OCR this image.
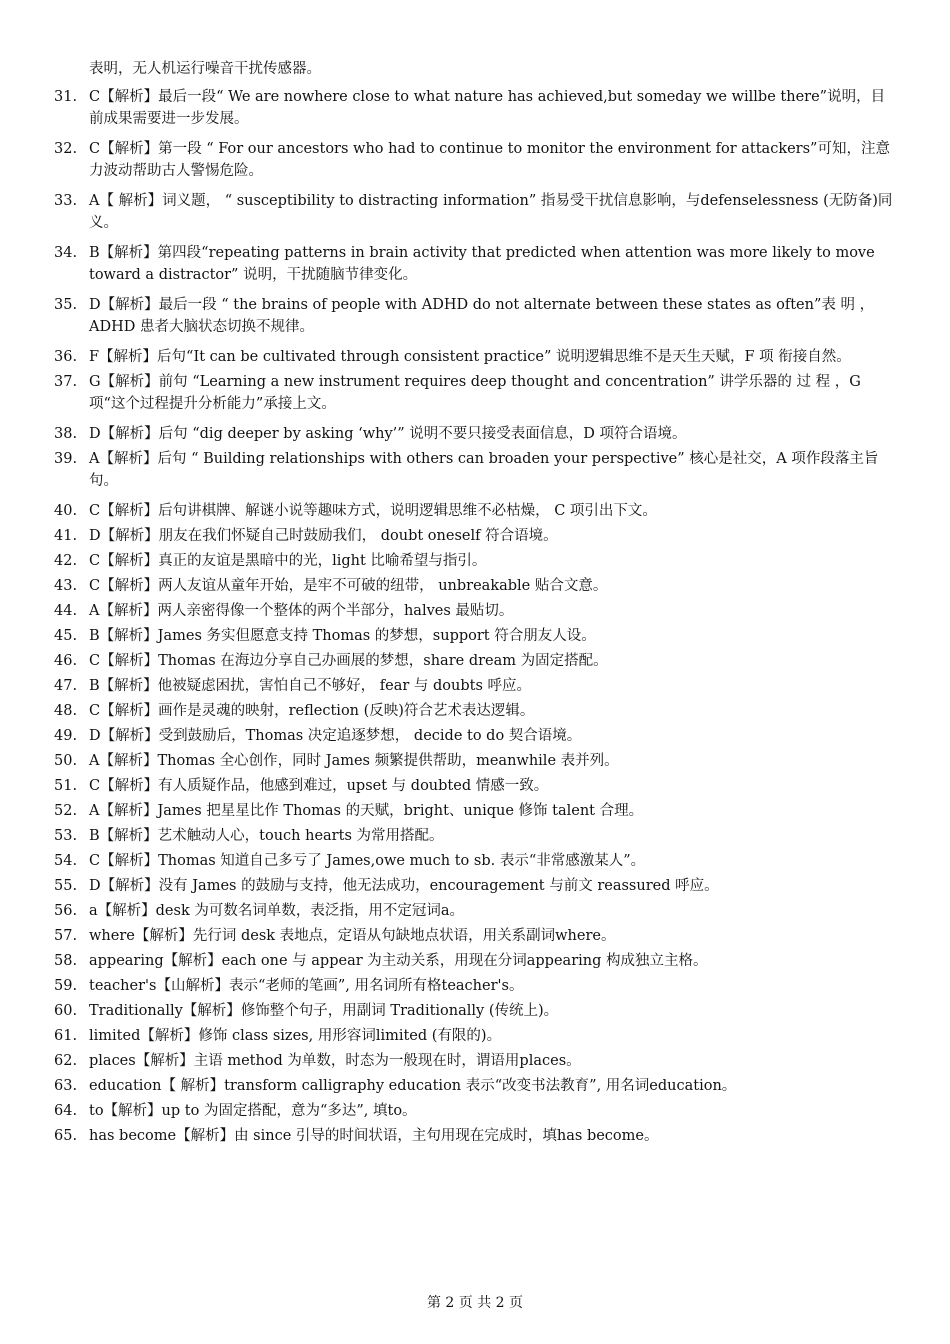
表明，无人机运行噪音干扰传感器。
31. C【解析】最后一段“ We are nowhere close to what nature has achieved,but someday we willbe there”说明，目前成果需要进一步发展。
32. C【解析】第一段 “ For our ancestors who had to continue to monitor the environment for attackers”可知，注意力波动帮助古人警惕危险。
33. A【 解析】词义题， “ susceptibility to distracting information” 指易受干扰信息影响，与defenselessness (无防备)同义。
34. B【解析】第四段“repeating patterns in brain activity that predicted when attention was more likely to move toward a distractor” 说明，干扰随脑节律变化。
35. D【解析】最后一段 “ the brains of people with ADHD do not alternate between these states as often”表 明 ， ADHD 患者大脑状态切换不规律。
36. F【解析】后句“It can be cultivated through consistent practice” 说明逻辑思维不是天生天赋，F 项 衔接自然。
37. G【解析】前句 “Learning a new instrument requires deep thought and concentration” 讲学乐器的 过 程 ，G 项“这个过程提升分析能力”承接上文。
38. D【解析】后句 “dig deeper by asking ‘why’” 说明不要只接受表面信息，D 项符合语境。
39. A【解析】后句 “ Building relationships with others can broaden your perspective” 核心是社交，A 项作段落主旨句。
40. C【解析】后句讲棋牌、解谜小说等趣味方式，说明逻辑思维不必枯燥， C 项引出下文。
41. D【解析】朋友在我们怀疑自己时鼓励我们， doubt oneself 符合语境。
42. C【解析】真正的友谊是黑暗中的光，light 比喻希望与指引。
43. C【解析】两人友谊从童年开始，是牢不可破的纽带， unbreakable 贴合文意。
44. A【解析】两人亲密得像一个整体的两个半部分，halves 最贴切。
45. B【解析】James 务实但愿意支持 Thomas 的梦想，support 符合朋友人设。
46. C【解析】Thomas 在海边分享自己办画展的梦想，share dream 为固定搭配。
47. B【解析】他被疑虑困扰，害怕自己不够好， fear 与 doubts 呼应。
48. C【解析】画作是灵魂的映射，reflection (反映)符合艺术表达逻辑。
49. D【解析】受到鼓励后，Thomas 决定追逐梦想， decide to do 契合语境。
50. A【解析】Thomas 全心创作，同时 James 频繁提供帮助，meanwhile 表并列。
51. C【解析】有人质疑作品，他感到难过，upset 与 doubted 情感一致。
52. A【解析】James 把星星比作 Thomas 的天赋，bright、unique 修饰 talent 合理。
53. B【解析】艺术触动人心，touch hearts 为常用搭配。
54. C【解析】Thomas 知道自己多亏了 James,owe much to sb. 表示“非常感激某人”。
55. D【解析】没有 James 的鼓励与支持，他无法成功，encouragement 与前文 reassured 呼应。
56. a【解析】desk 为可数名词单数，表泛指，用不定冠词a。
57. where【解析】先行词 desk 表地点，定语从句缺地点状语，用关系副词where。
58. appearing【解析】each one 与 appear 为主动关系，用现在分词appearing 构成独立主格。
59. teacher's【山解析】表示“老师的笔画”, 用名词所有格teacher's。
60. Traditionally【解析】修饰整个句子，用副词 Traditionally (传统上)。
61. limited【解析】修饰 class sizes, 用形容词limited (有限的)。
62. places【解析】主语 method 为单数，时态为一般现在时，谓语用places。
63. education【 解析】transform calligraphy education 表示“改变书法教育”, 用名词education。
64. to【解析】up to 为固定搭配，意为“多达”, 填to。
65. has become【解析】由 since 引导的时间状语，主句用现在完成时，填has become。
第 2 页 共 2 页
